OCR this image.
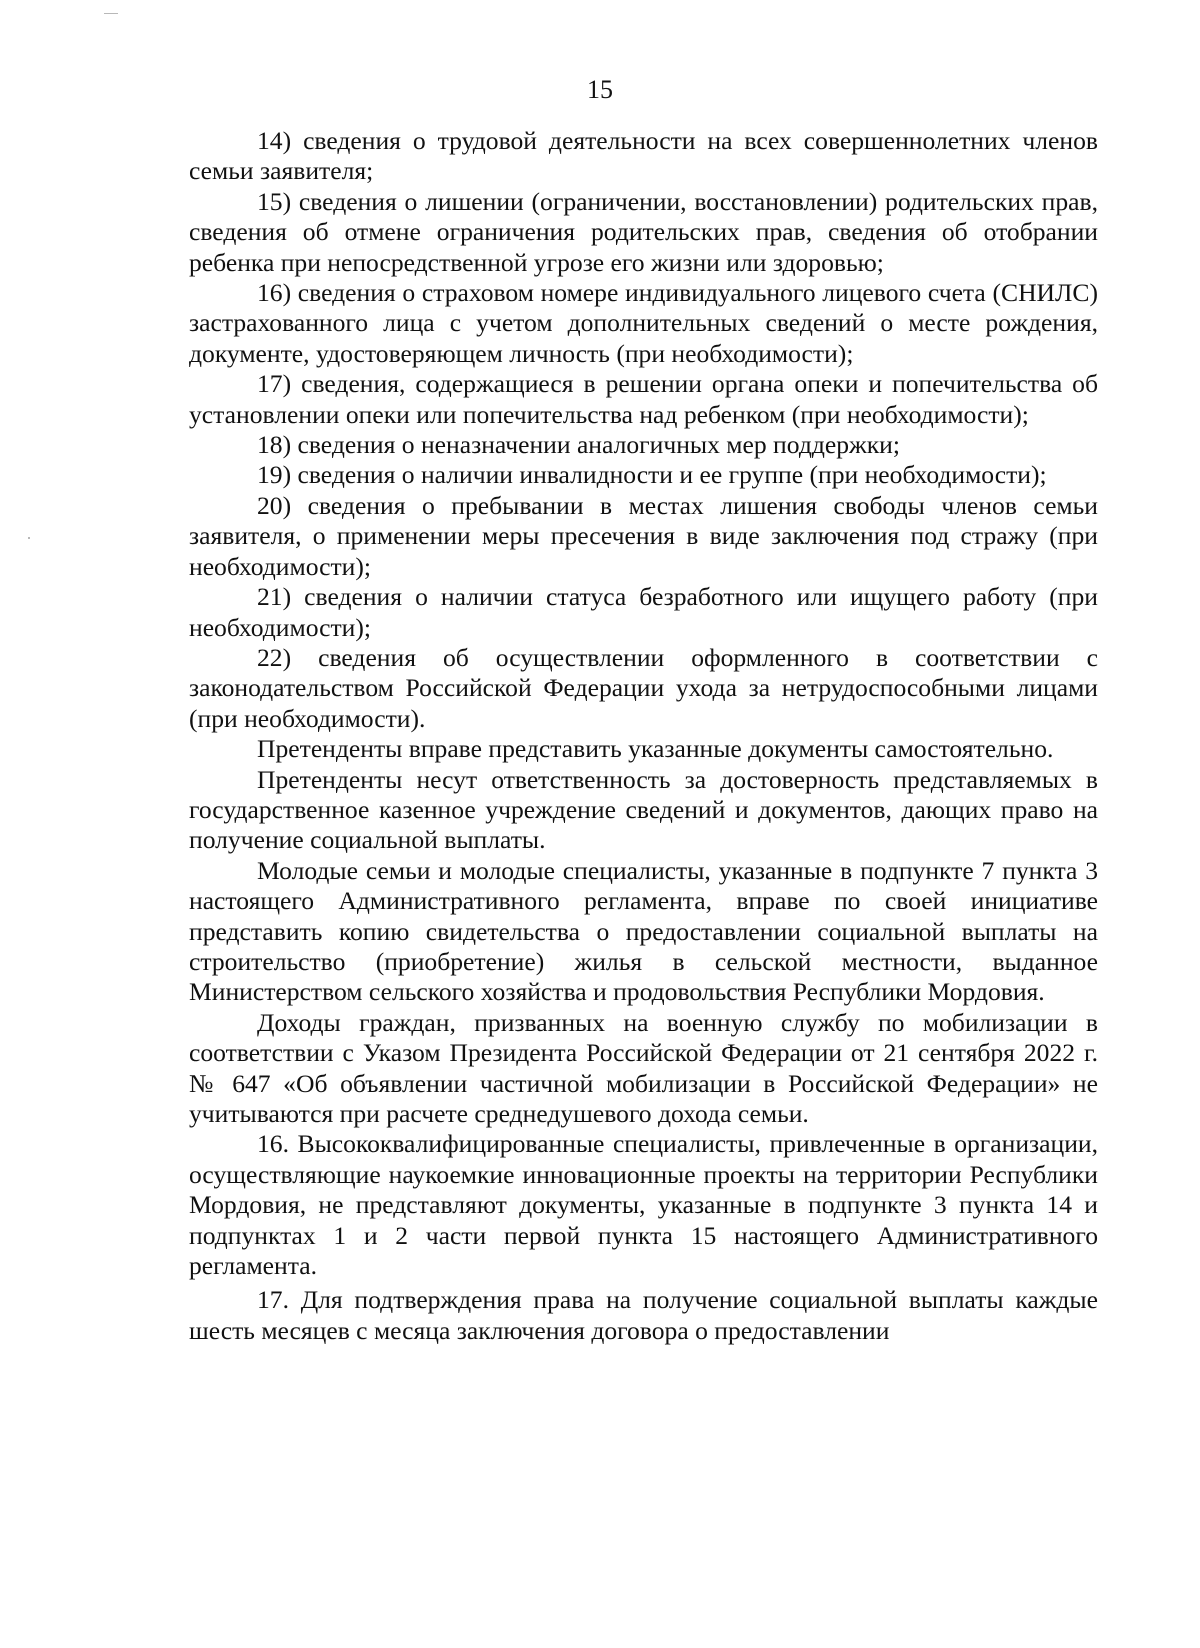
15

14) сведения о трудовой деятельности на всех совершеннолетних членов семьи заявителя;

15) сведения о лишении (ограничении, восстановлении) родительских прав, сведения об отмене ограничения родительских прав, сведения об отобрании ребенка при непосредственной угрозе его жизни или здоровью;

16) сведения о страховом номере индивидуального лицевого счета (СНИЛС) застрахованного лица с учетом дополнительных сведений о месте рождения, документе, удостоверяющем личность (при необходимости);

17) сведения, содержащиеся в решении органа опеки и попечительства об установлении опеки или попечительства над ребенком (при необходимости);

18) сведения о неназначении аналогичных мер поддержки;

19) сведения о наличии инвалидности и ее группе (при необходимости);

20) сведения о пребывании в местах лишения свободы членов семьи заявителя, о применении меры пресечения в виде заключения под стражу (при необходимости);

21) сведения о наличии статуса безработного или ищущего работу (при необходимости);

22) сведения об осуществлении оформленного в соответствии с законодательством Российской Федерации ухода за нетрудоспособными лицами (при необходимости).

Претенденты вправе представить указанные документы самостоятельно.

Претенденты несут ответственность за достоверность представляемых в государственное казенное учреждение сведений и документов, дающих право на получение социальной выплаты.

Молодые семьи и молодые специалисты, указанные в подпункте 7 пункта 3 настоящего Административного регламента, вправе по своей инициативе представить копию свидетельства о предоставлении социальной выплаты на строительство (приобретение) жилья в сельской местности, выданное Министерством сельского хозяйства и продовольствия Республики Мордовия.

Доходы граждан, призванных на военную службу по мобилизации в соответствии с Указом Президента Российской Федерации от 21 сентября 2022 г. № 647 «Об объявлении частичной мобилизации в Российской Федерации» не учитываются при расчете среднедушевого дохода семьи.

16. Высококвалифицированные специалисты, привлеченные в организации, осуществляющие наукоемкие инновационные проекты на территории Республики Мордовия, не представляют документы, указанные в подпункте 3 пункта 14 и подпунктах 1 и 2 части первой пункта 15 настоящего Административного регламента.

17. Для подтверждения права на получение социальной выплаты каждые шесть месяцев с месяца заключения договора о предоставлении
